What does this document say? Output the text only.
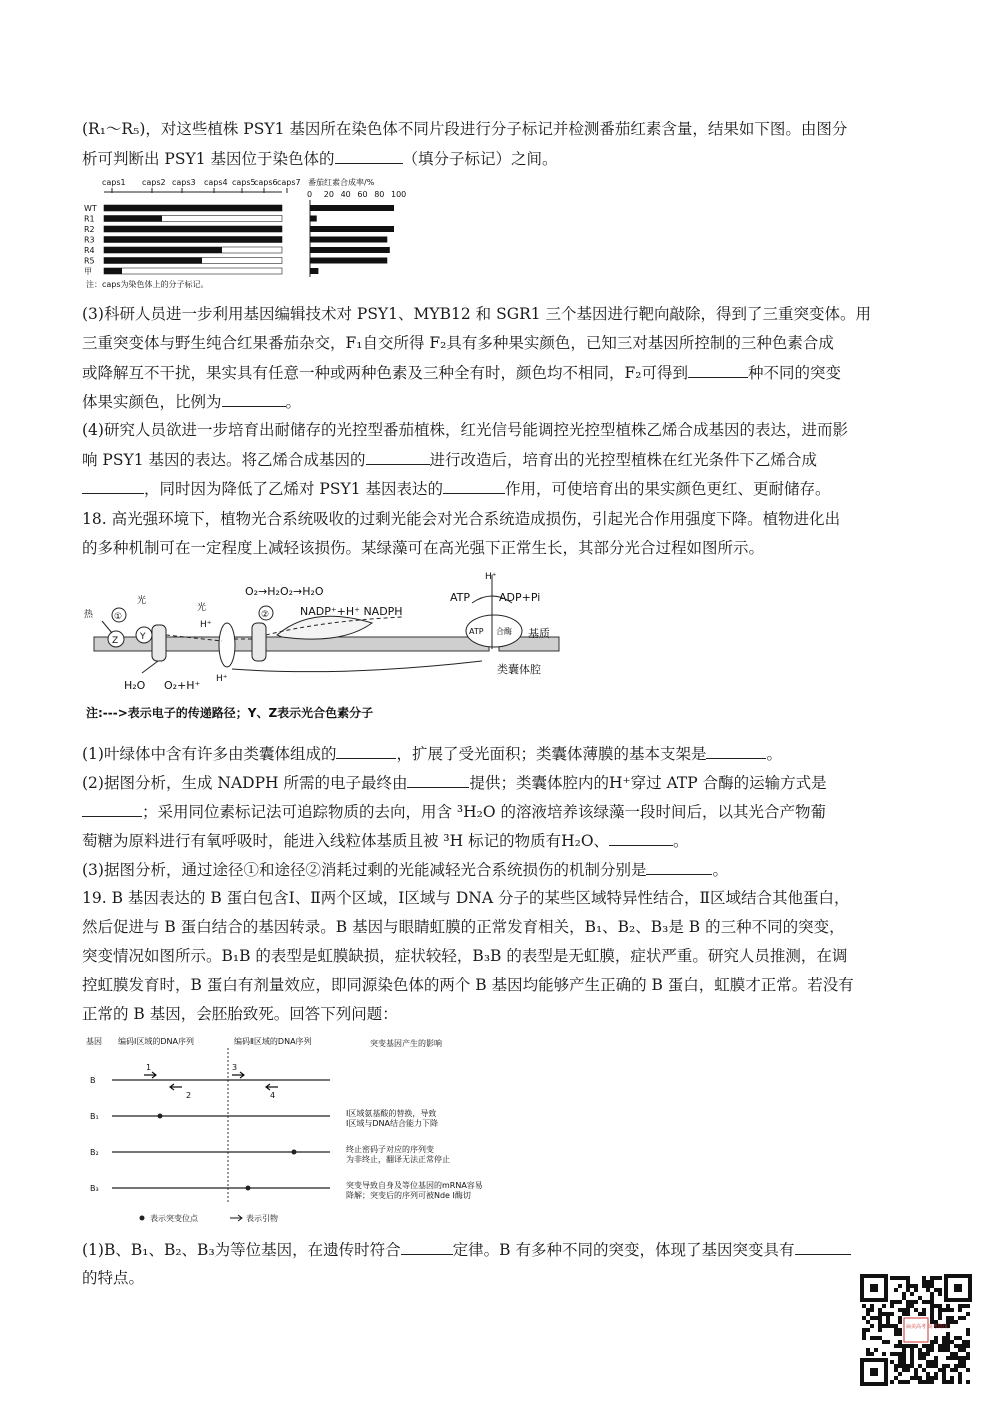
(R₁～R₅)，对这些植株 PSY1 基因所在染色体不同片段进行分子标记并检测番茄红素含量，结果如下图。由图分
析可判断出 PSY1 基因位于染色体的	（填分子标记）之间。
caps1 caps2 caps3 caps4 caps5
caps6 caps7
WT
R1
R2
R3
R4
R5
甲
番茄红素合成率/%
0 20 40 60 80 100
注：caps为染色体上的分子标记。
(3)科研人员进一步利用基因编辑技术对 PSY1、MYB12 和 SGR1 三个基因进行靶向敲除，得到了三重突变体。用
三重突变体与野生纯合红果番茄杂交，F₁自交所得 F₂具有多种果实颜色，已知三对基因所控制的三种色素合成
或降解互不干扰，果实具有任意一种或两种色素及三种全有时，颜色均不相同，F₂可得到	种不同的突变
体果实颜色，比例为	。
(4)研究人员欲进一步培育出耐储存的光控型番茄植株，红光信号能调控光控型植株乙烯合成基因的表达，进而影
响 PSY1 基因的表达。将乙烯合成基因的	进行改造后，培育出的光控型植株在红光条件下乙烯合成
，同时因为降低了乙烯对 PSY1 基因表达的	作用，可使培育出的果实颜色更红、更耐储存。
18. 高光强环境下，植物光合系统吸收的过剩光能会对光合系统造成损伤，引起光合作用强度下降。植物进化出
的多种机制可在一定程度上减轻该损伤。某绿藻可在高光强下正常生长，其部分光合过程如图所示。
热 ①
光
Z Y
ATP 合酶
光
H⁺
O₂→H₂O₂→H₂O
②	NADP⁺+H⁺ NADPH
H⁺
ATP	ADP+Pi
基质
类囊体腔
H₂O O₂+H⁺ H⁺
注:--->表示电子的传递路径；Y、Z表示光合色素分子
(1)叶绿体中含有许多由类囊体组成的	，扩展了受光面积；类囊体薄膜的基本支架是	。
(2)据图分析，生成 NADPH 所需的电子最终由	提供；类囊体腔内的H⁺穿过 ATP 合酶的运输方式是
；采用同位素标记法可追踪物质的去向，用含 ³H₂O 的溶液培养该绿藻一段时间后，以其光合产物葡
萄糖为原料进行有氧呼吸时，能进入线粒体基质且被 ³H 标记的物质有H₂O、	。
(3)据图分析，通过途径①和途径②消耗过剩的光能减轻光合系统损伤的机制分别是	。
19. B 基因表达的 B 蛋白包含Ⅰ、Ⅱ两个区域，Ⅰ区域与 DNA 分子的某些区域特异性结合，Ⅱ区域结合其他蛋白，
然后促进与 B 蛋白结合的基因转录。B 基因与眼睛虹膜的正常发育相关，B₁、B₂、B₃是 B 的三种不同的突变，
突变情况如图所示。B₁B 的表型是虹膜缺损，症状较轻，B₃B 的表型是无虹膜，症状严重。研究人员推测，在调
控虹膜发育时，B 蛋白有剂量效应，即同源染色体的两个 B 基因均能够产生正确的 B 蛋白，虹膜才正常。若没有
正常的 B 基因，会胚胎致死。回答下列问题：
基因 编码Ⅰ区域的DNA序列	编码Ⅱ区域的DNA序列	突变基因产生的影响
B
B₁
B₂
B₃
1
2
3
4
Ⅰ区域氨基酸的替换，导致
Ⅰ区域与DNA结合能力下降
终止密码子对应的序列变
为非终止，翻译无法正常停止
突变导致自身及等位基因的mRNA容易
降解；突变后的序列可被Nde Ⅰ酶切
表示突变位点	表示引物
(1)B、B₁、B₂、B₃为等位基因，在遗传时符合	定律。B 有多种不同的突变，体现了基因突变具有
的特点。
扁美高考 高考资讯
